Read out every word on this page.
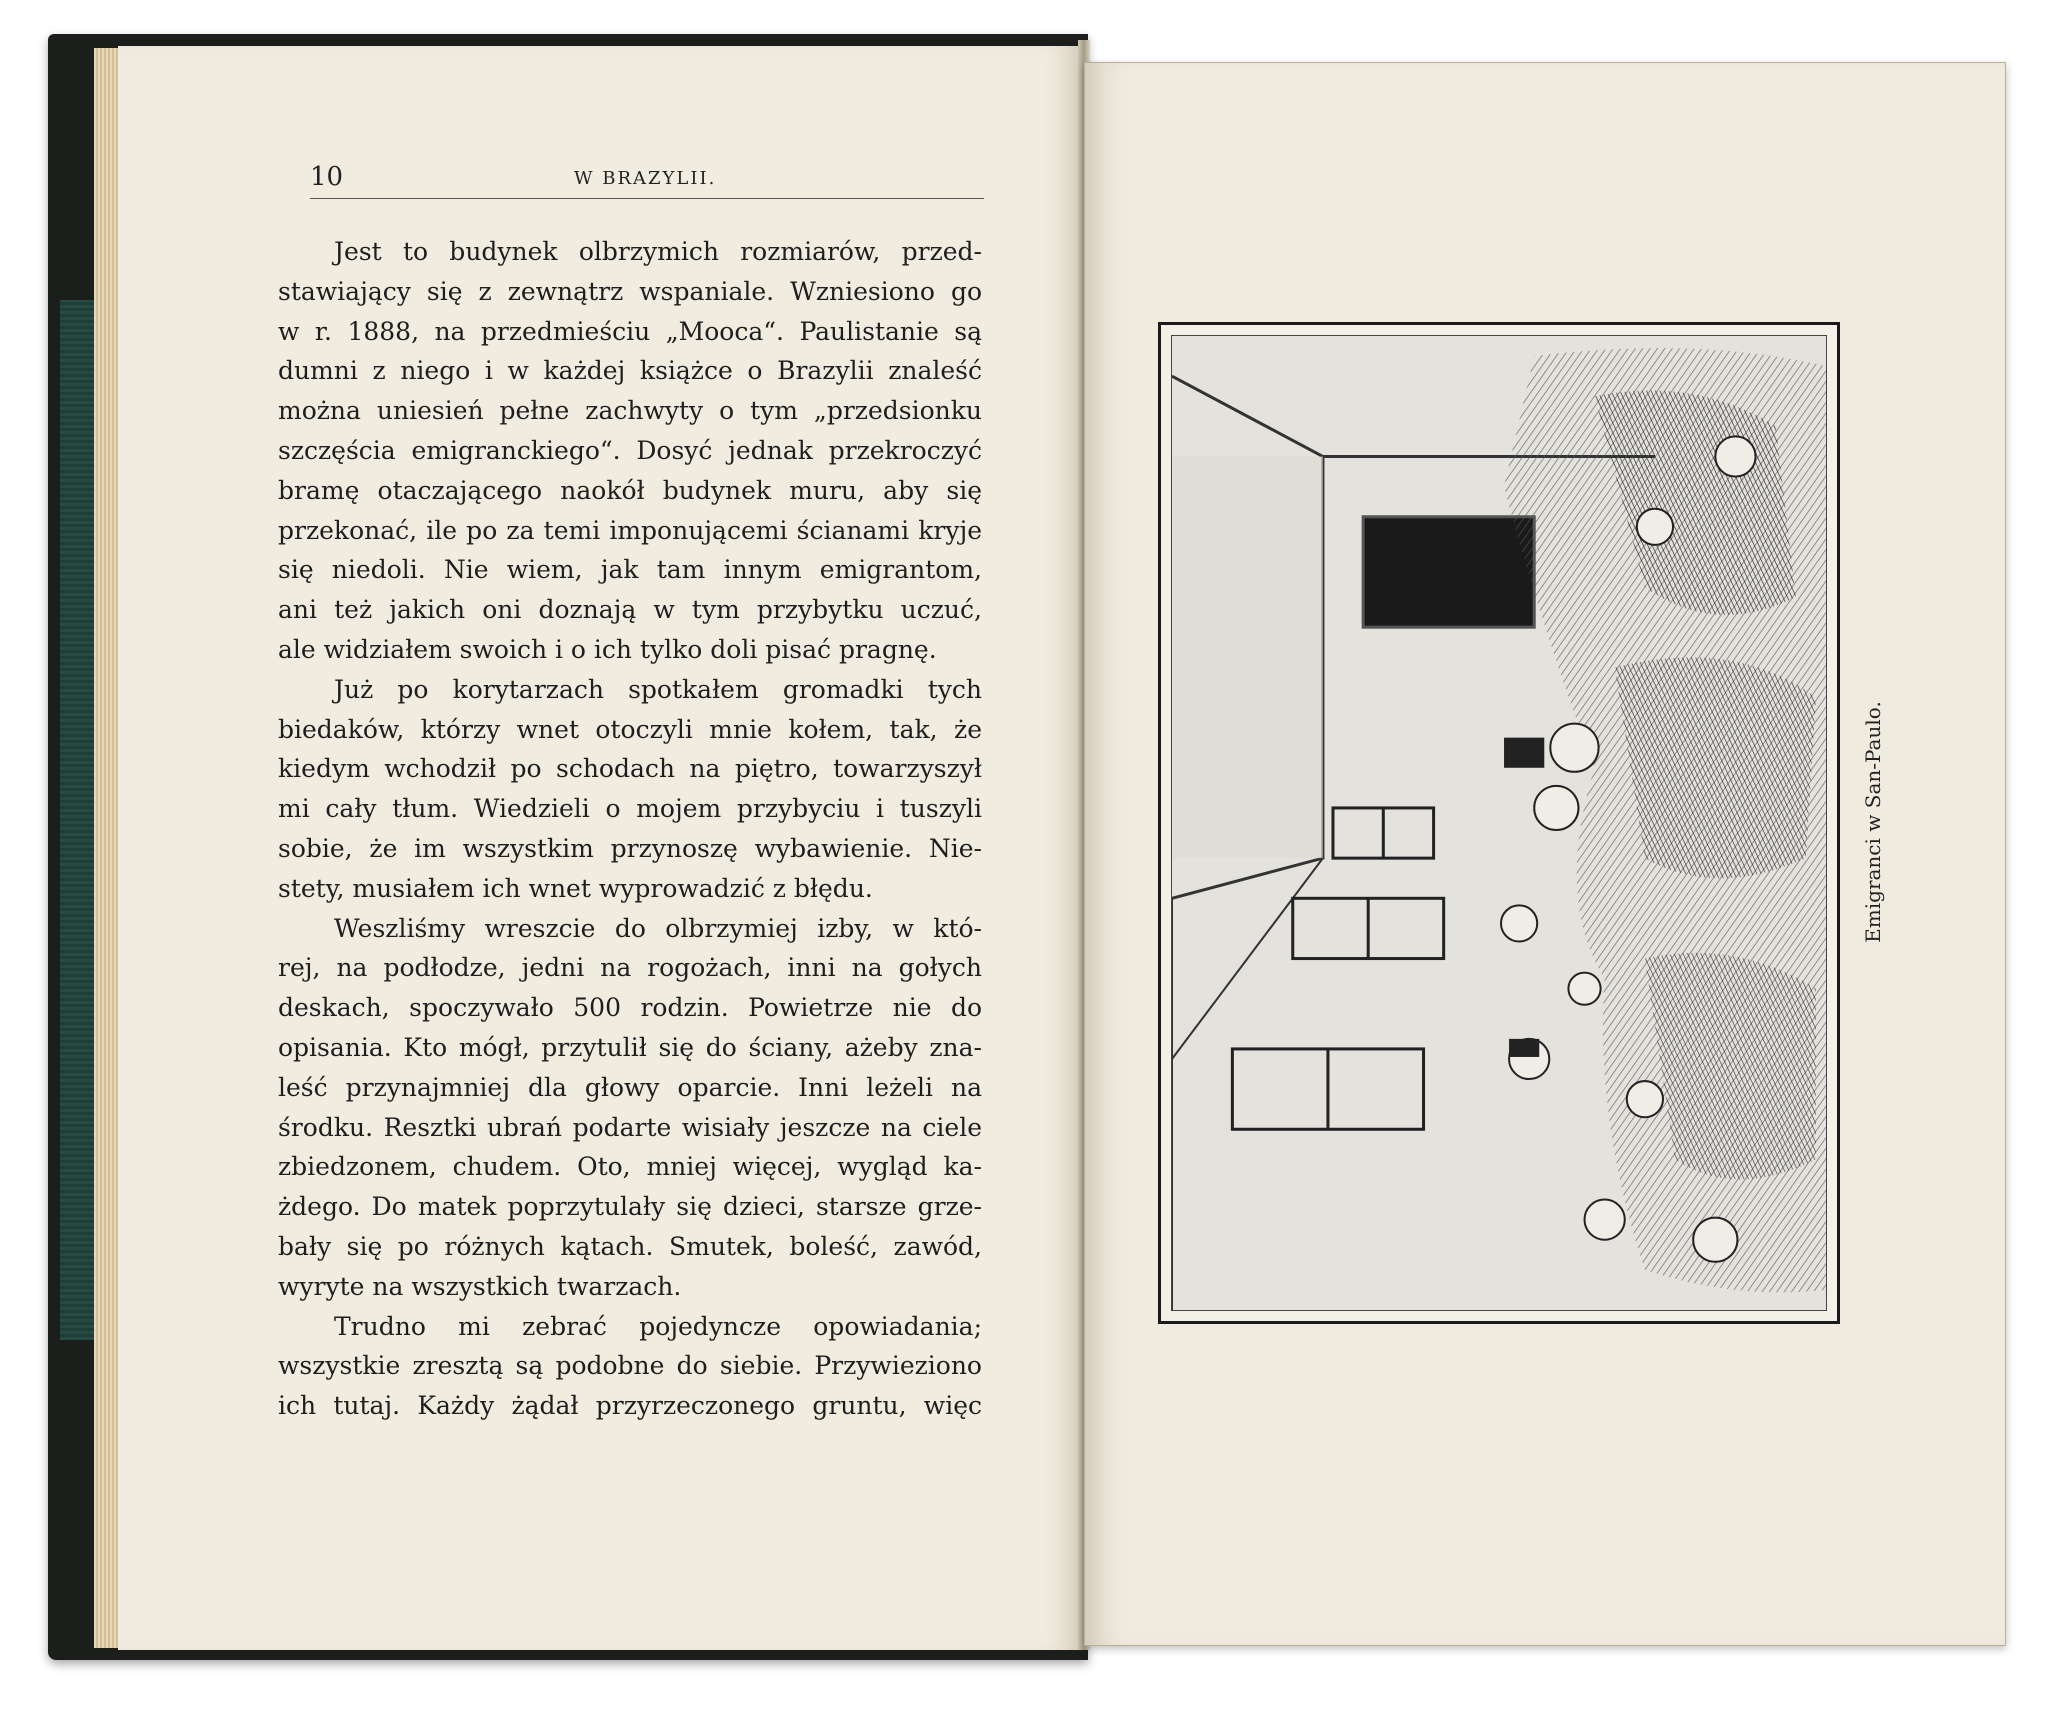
10	W BRAZYLII.
Jest to budynek olbrzymich rozmiarów, przed-
stawiający się z zewnątrz wspaniale. Wzniesiono go
w r. 1888, na przedmieściu „Mooca“. Paulistanie są
dumni z niego i w każdej książce o Brazylii znaleść
można uniesień pełne zachwyty o tym „przedsionku
szczęścia emigranckiego“. Dosyć jednak przekroczyć
bramę otaczającego naokół budynek muru, aby się
przekonać, ile po za temi imponującemi ścianami kryje
się niedoli. Nie wiem, jak tam innym emigrantom,
ani też jakich oni doznają w tym przybytku uczuć,
ale widziałem swoich i o ich tylko doli pisać pragnę.
Już po korytarzach spotkałem gromadki tych
biedaków, którzy wnet otoczyli mnie kołem, tak, że
kiedym wchodził po schodach na piętro, towarzyszył
mi cały tłum. Wiedzieli o mojem przybyciu i tuszyli
sobie, że im wszystkim przynoszę wybawienie. Nie-
stety, musiałem ich wnet wyprowadzić z błędu.
Weszliśmy wreszcie do olbrzymiej izby, w któ-
rej, na podłodze, jedni na rogożach, inni na gołych
deskach, spoczywało 500 rodzin. Powietrze nie do
opisania. Kto mógł, przytulił się do ściany, ażeby zna-
leść przynajmniej dla głowy oparcie. Inni leżeli na
środku. Resztki ubrań podarte wisiały jeszcze na ciele
zbiedzonem, chudem. Oto, mniej więcej, wygląd ka-
żdego. Do matek poprzytulały się dzieci, starsze grze-
bały się po różnych kątach. Smutek, boleść, zawód,
wyryte na wszystkich twarzach.
Trudno mi zebrać pojedyncze opowiadania;
wszystkie zresztą są podobne do siebie. Przywieziono
ich tutaj. Każdy żądał przyrzeczonego gruntu, więc
Emigranci w San-Paulo.
